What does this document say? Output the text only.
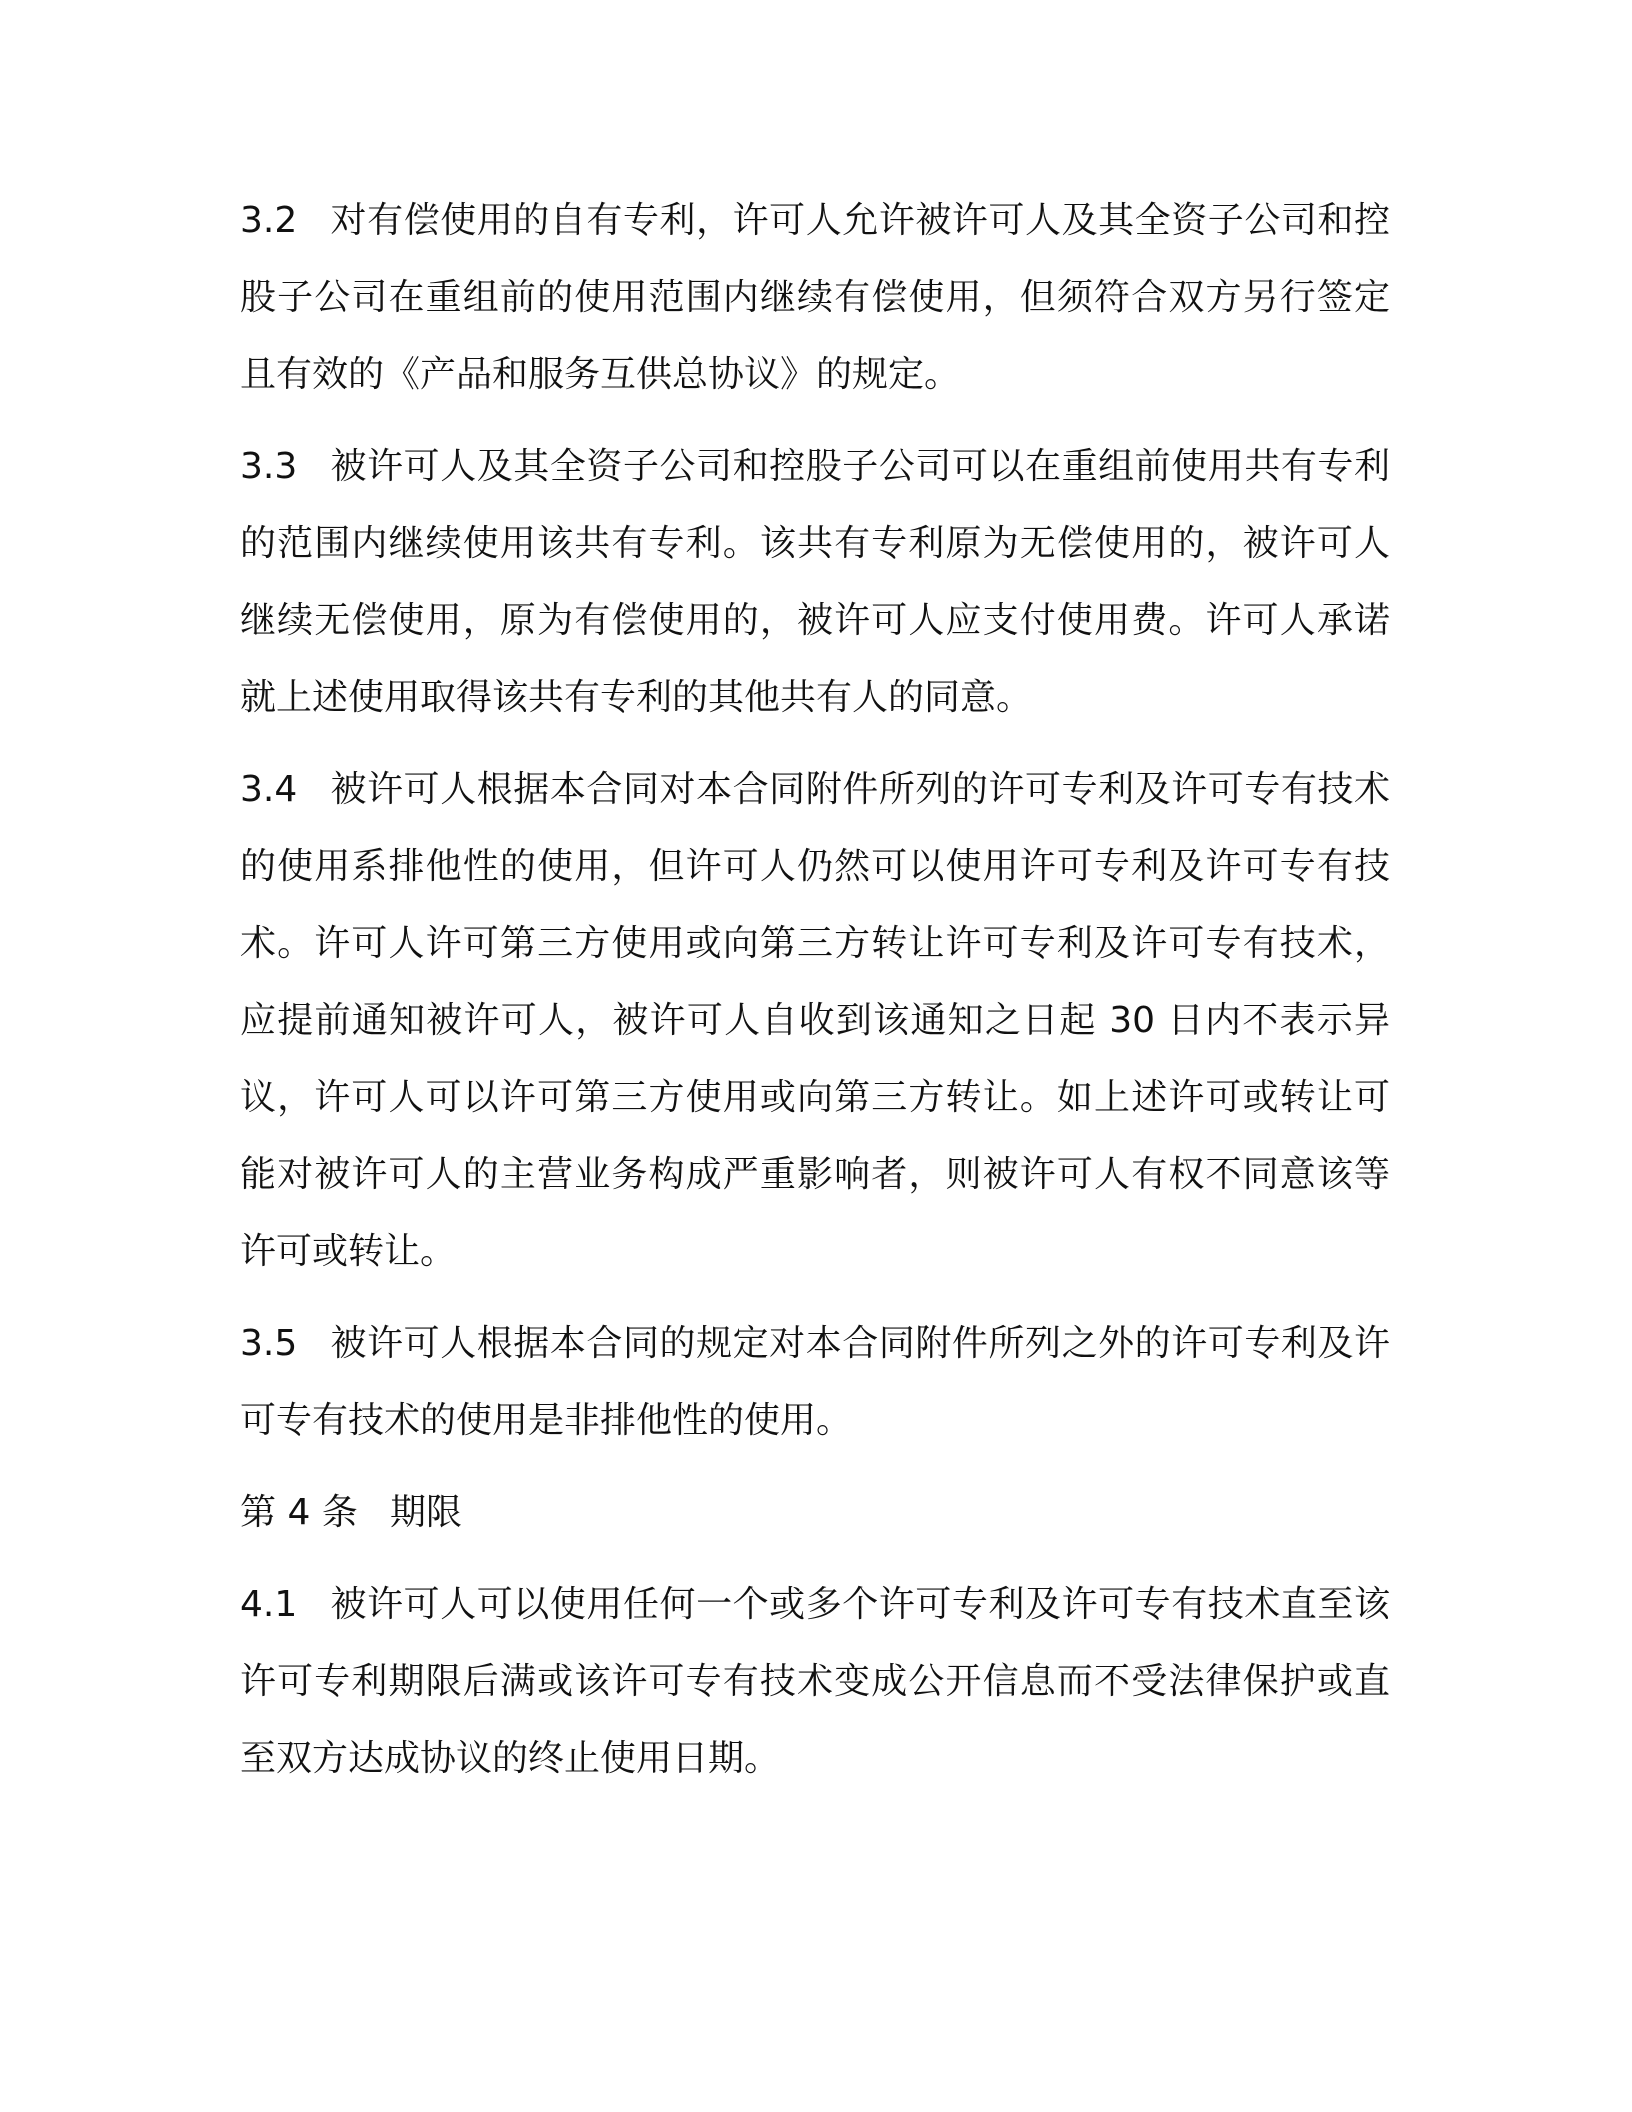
3.2 对有偿使用的自有专利，许可人允许被许可人及其全资子公司和控股子公司在重组前的使用范围内继续有偿使用，但须符合双方另行签定且有效的《产品和服务互供总协议》的规定。

3.3 被许可人及其全资子公司和控股子公司可以在重组前使用共有专利的范围内继续使用该共有专利。该共有专利原为无偿使用的，被许可人继续无偿使用，原为有偿使用的，被许可人应支付使用费。许可人承诺就上述使用取得该共有专利的其他共有人的同意。

3.4 被许可人根据本合同对本合同附件所列的许可专利及许可专有技术的使用系排他性的使用，但许可人仍然可以使用许可专利及许可专有技术。许可人许可第三方使用或向第三方转让许可专利及许可专有技术，应提前通知被许可人，被许可人自收到该通知之日起 30 日内不表示异议，许可人可以许可第三方使用或向第三方转让。如上述许可或转让可能对被许可人的主营业务构成严重影响者，则被许可人有权不同意该等许可或转让。

3.5 被许可人根据本合同的规定对本合同附件所列之外的许可专利及许可专有技术的使用是非排他性的使用。

第 4 条 期限

4.1 被许可人可以使用任何一个或多个许可专利及许可专有技术直至该许可专利期限后满或该许可专有技术变成公开信息而不受法律保护或直至双方达成协议的终止使用日期。
